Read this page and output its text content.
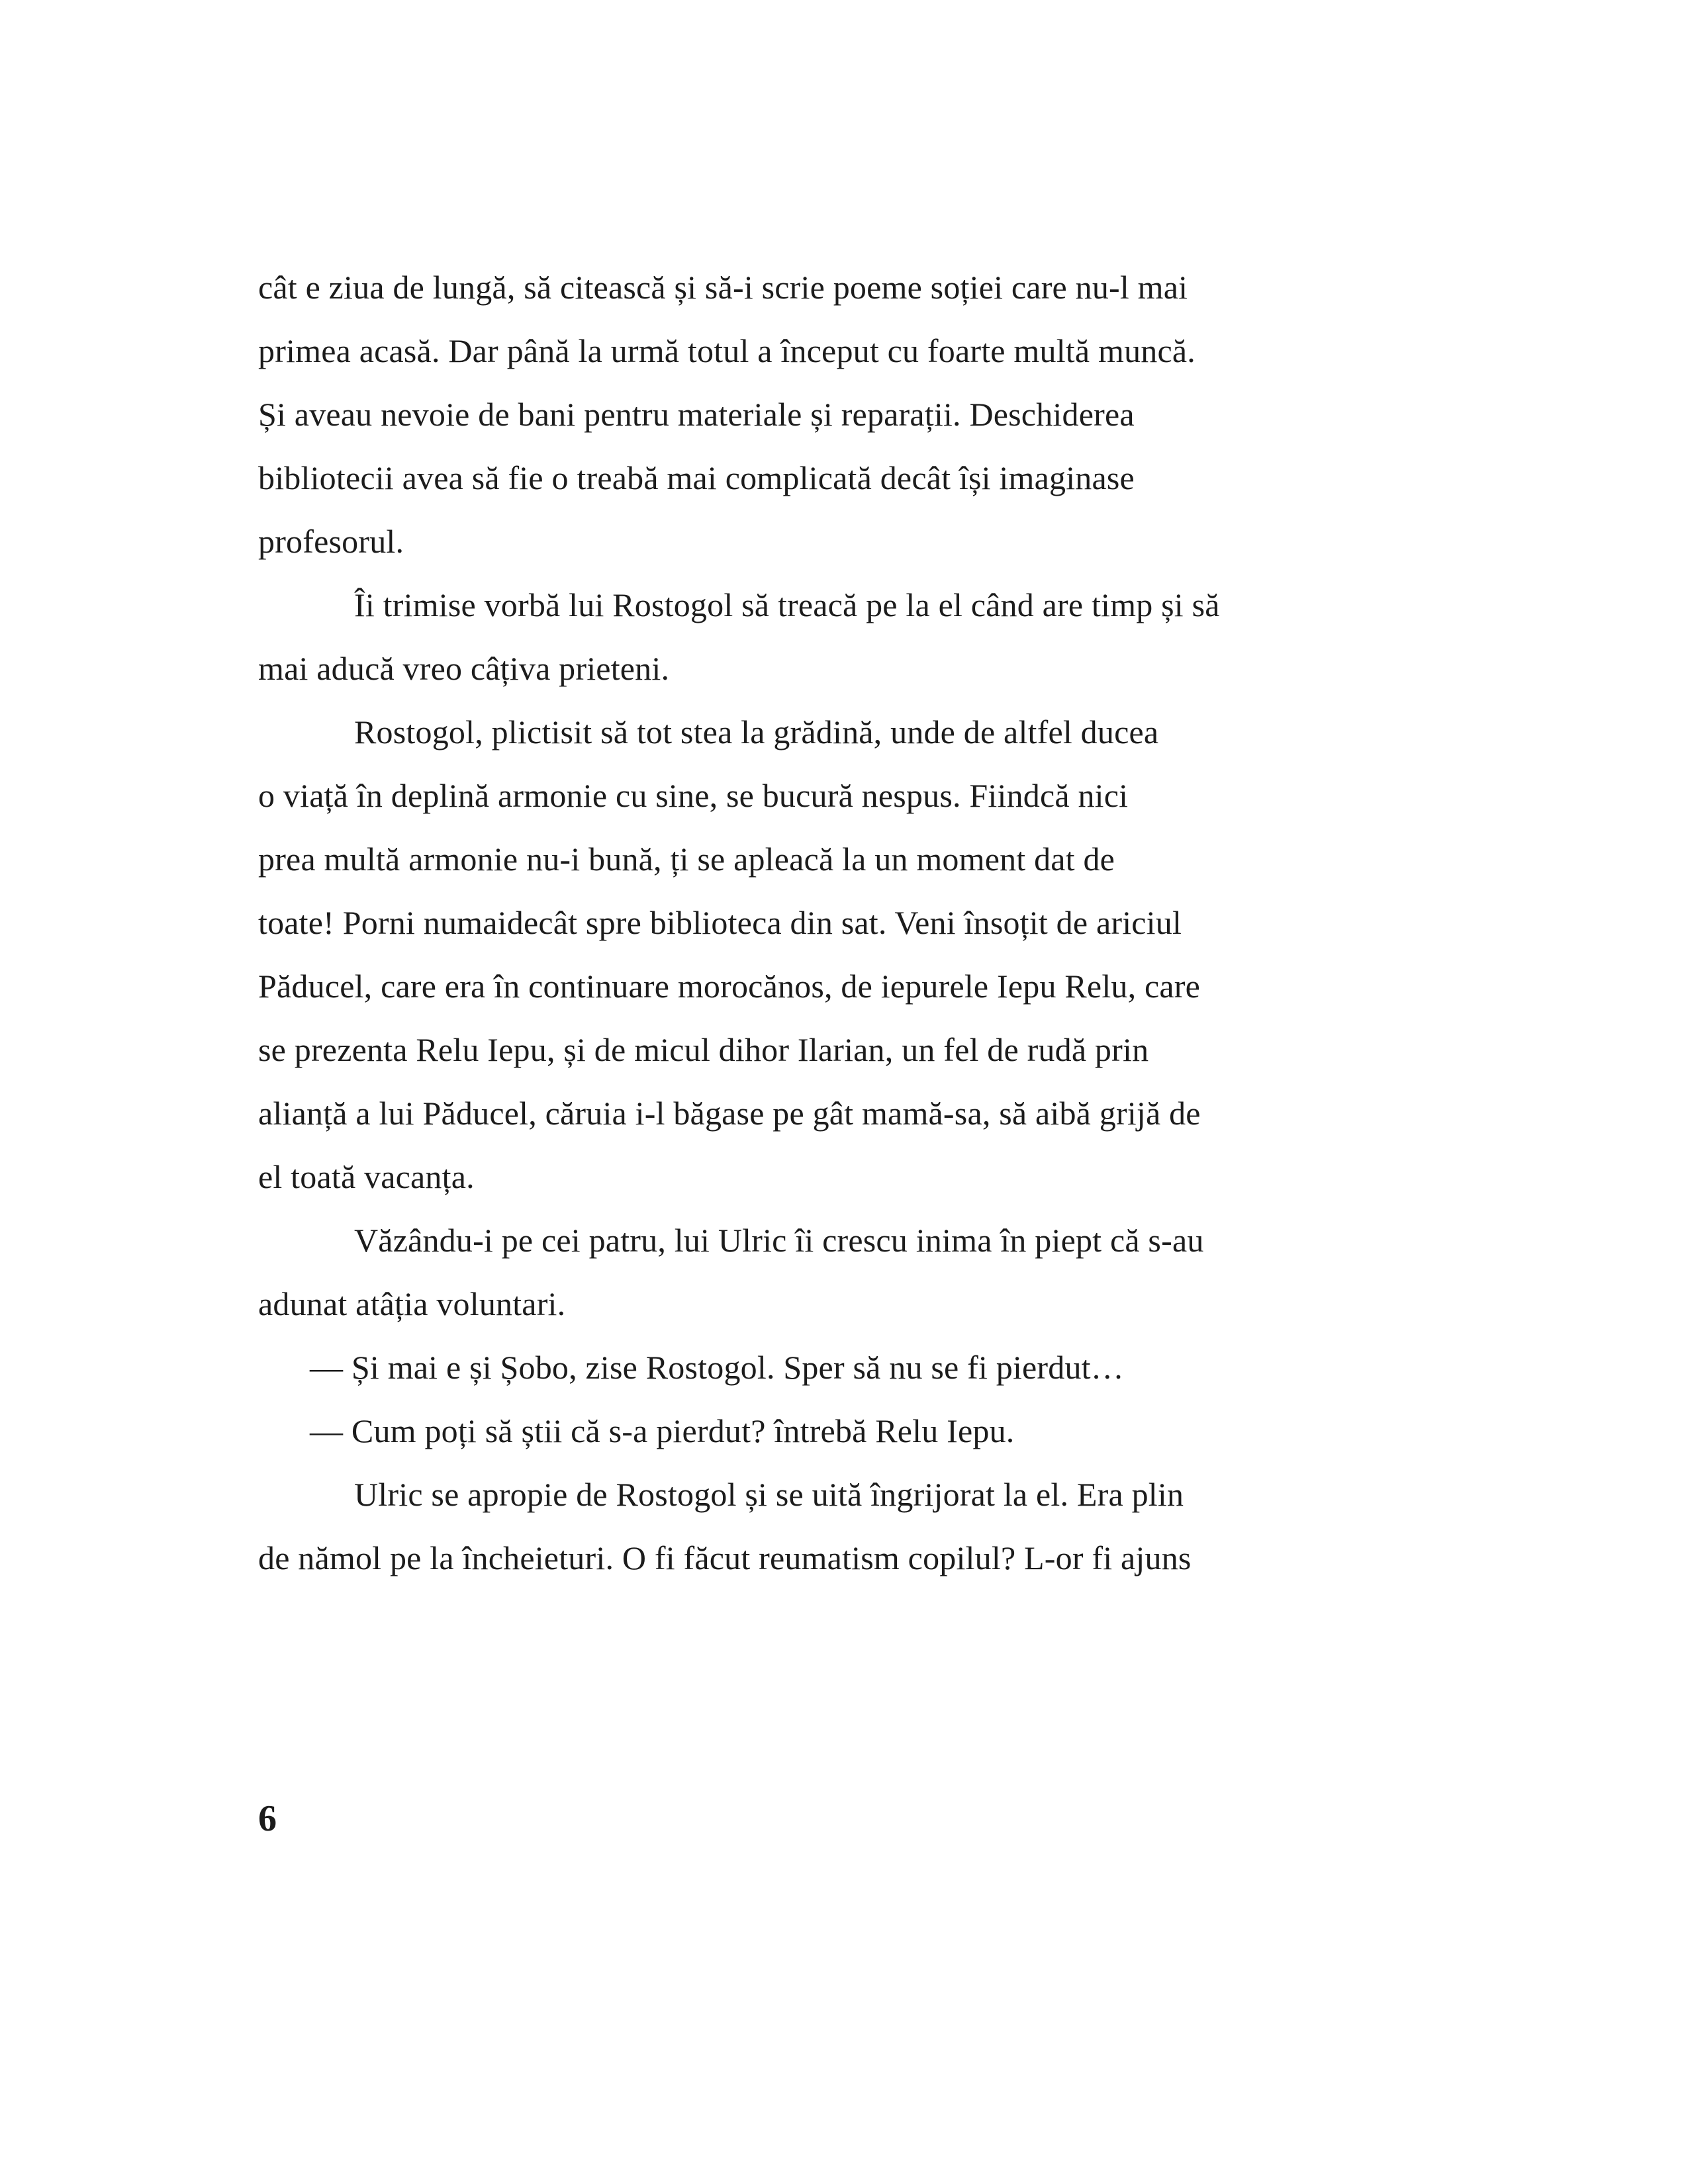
cât e ziua de lungă, să citească și să-i scrie poeme soției care nu-l mai
primea acasă. Dar până la urmă totul a început cu foarte multă muncă.
Și aveau nevoie de bani pentru materiale și reparații. Deschiderea
bibliotecii avea să fie o treabă mai complicată decât își imaginase
profesorul.
Îi trimise vorbă lui Rostogol să treacă pe la el când are timp și să
mai aducă vreo câțiva prieteni.
Rostogol, plictisit să tot stea la grădină, unde de altfel ducea
o viață în deplină armonie cu sine, se bucură nespus. Fiindcă nici
prea multă armonie nu-i bună, ți se apleacă la un moment dat de
toate! Porni numaidecât spre biblioteca din sat. Veni însoțit de ariciul
Păducel, care era în continuare morocănos, de iepurele Iepu Relu, care
se prezenta Relu Iepu, și de micul dihor Ilarian, un fel de rudă prin
alianță a lui Păducel, căruia i-l băgase pe gât mamă-sa, să aibă grijă de
el toată vacanța.
Văzându-i pe cei patru, lui Ulric îi crescu inima în piept că s-au
adunat atâția voluntari.
— Și mai e și Șobo, zise Rostogol. Sper să nu se fi pierdut…
— Cum poți să știi că s-a pierdut? întrebă Relu Iepu.
Ulric se apropie de Rostogol și se uită îngrijorat la el. Era plin
de nămol pe la încheieturi. O fi făcut reumatism copilul? L-or fi ajuns
6
